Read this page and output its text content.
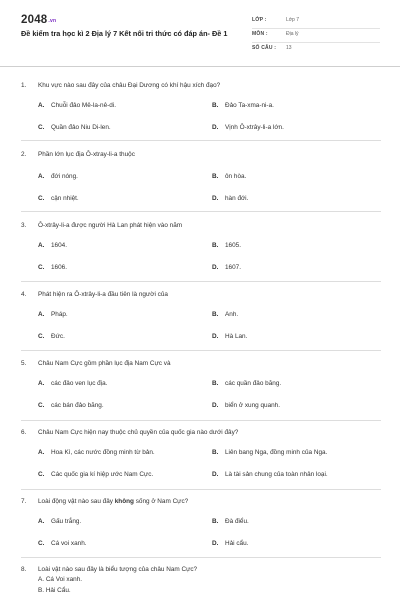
2048.vn
Đề kiểm tra học kì 2 Địa lý 7 Kết nối tri thức có đáp án- Đề 1
LỚP :	Lớp 7
MÔN :	Địa lý
SỐ CÂU : 13
1. Khu vực nào sau đây của châu Đại Dương có khí hậu xích đạo?
A. Chuỗi đảo Mê-la-nê-di.	B. Đảo Ta-xma-ni-a.
C. Quần đảo Niu Di-len.	D. Vịnh Ô-xtrây-li-a lớn.
2. Phần lớn lục địa Ô-xtray-li-a thuộc
A. đới nóng.	B. ôn hòa.
C. cận nhiệt.	D. hàn đới.
3. Ô-xtrây-li-a được người Hà Lan phát hiện vào năm
A. 1604.	B. 1605.
C. 1606.	D. 1607.
4. Phát hiện ra Ô-xtrây-li-a đầu tiên là người của
A. Pháp.	B. Anh.
C. Đức.	D. Hà Lan.
5. Châu Nam Cực gồm phần lục địa Nam Cực và
A. các đảo ven lục địa.	B. các quần đảo băng.
C. các bán đảo băng.	D. biển ở xung quanh.
6. Châu Nam Cực hiện nay thuộc chủ quyền của quốc gia nào dưới đây?
A. Hoa Kì, các nước đồng minh từ bản.	B. Liên bang Nga, đồng minh của Nga.
C. Các quốc gia kí hiệp ước Nam Cực.	D. Là tài sản chung của toàn nhân loại.
7. Loài động vật nào sau đây không sống ở Nam Cực?
A. Gấu trắng.	B. Đà điểu.
C. Cá voi xanh.	D. Hải cẩu.
8. Loài vật nào sau đây là biểu tượng của châu Nam Cực?
A. Cá Voi xanh.
B. Hải Cẩu.
